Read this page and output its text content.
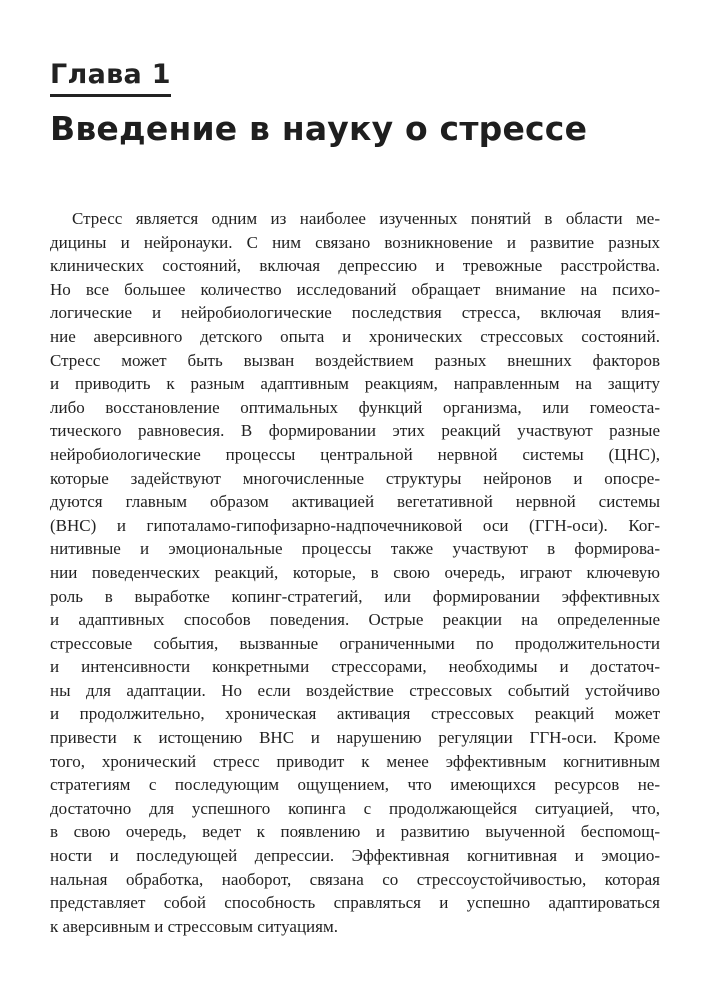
Глава 1
Введение в науку о стрессе
Стресс является одним из наиболее изученных понятий в области ме-
дицины и нейронауки. С ним связано возникновение и развитие разных
клинических состояний, включая депрессию и тревожные расстройства.
Но все большее количество исследований обращает внимание на психо-
логические и нейробиологические последствия стресса, включая влия-
ние аверсивного детского опыта и хронических стрессовых состояний.
Стресс может быть вызван воздействием разных внешних факторов
и приводить к разным адаптивным реакциям, направленным на защиту
либо восстановление оптимальных функций организма, или гомеоста-
тического равновесия. В формировании этих реакций участвуют разные
нейробиологические процессы центральной нервной системы (ЦНС),
которые задействуют многочисленные структуры нейронов и опосре-
дуются главным образом активацией вегетативной нервной системы
(ВНС) и гипоталамо-гипофизарно-надпочечниковой оси (ГГН-оси). Ког-
нитивные и эмоциональные процессы также участвуют в формирова-
нии поведенческих реакций, которые, в свою очередь, играют ключевую
роль в выработке копинг-стратегий, или формировании эффективных
и адаптивных способов поведения. Острые реакции на определенные
стрессовые события, вызванные ограниченными по продолжительности
и интенсивности конкретными стрессорами, необходимы и достаточ-
ны для адаптации. Но если воздействие стрессовых событий устойчиво
и продолжительно, хроническая активация стрессовых реакций может
привести к истощению ВНС и нарушению регуляции ГГН-оси. Кроме
того, хронический стресс приводит к менее эффективным когнитивным
стратегиям с последующим ощущением, что имеющихся ресурсов не-
достаточно для успешного копинга с продолжающейся ситуацией, что,
в свою очередь, ведет к появлению и развитию выученной беспомощ-
ности и последующей депрессии. Эффективная когнитивная и эмоцио-
нальная обработка, наоборот, связана со стрессоустойчивостью, которая
представляет собой способность справляться и успешно адаптироваться
к аверсивным и стрессовым ситуациям.
